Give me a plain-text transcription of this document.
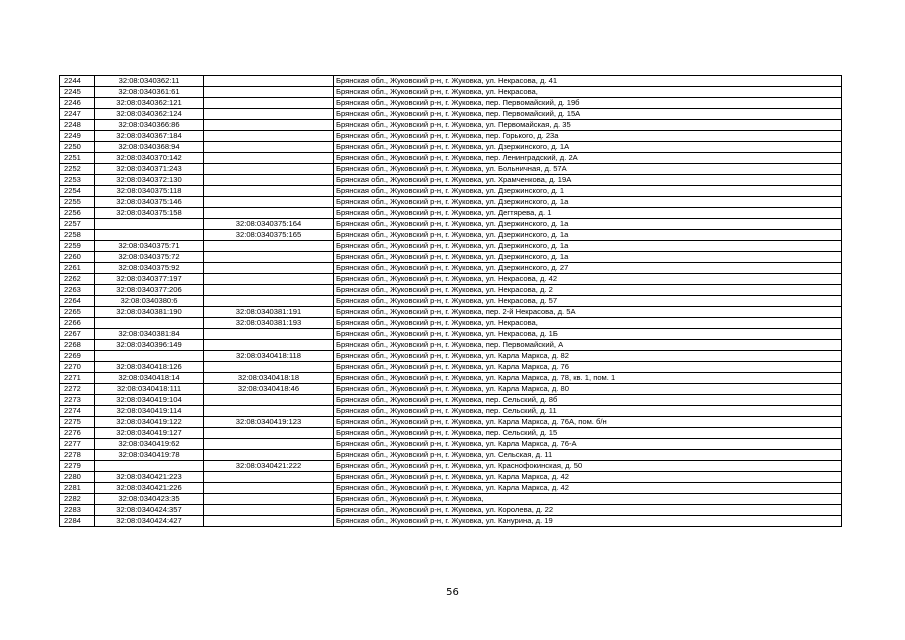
2244	32:08:0340362:11		Брянская обл., Жуковский р-н, г. Жуковка, ул. Некрасова, д. 41
2245	32:08:0340361:61		Брянская обл., Жуковский р-н, г. Жуковка, ул. Некрасова,
2246	32:08:0340362:121		Брянская обл., Жуковский р-н, г. Жуковка, пер. Первомайский, д. 19б
2247	32:08:0340362:124		Брянская обл., Жуковский р-н, г. Жуковка, пер. Первомайский, д. 15А
2248	32:08:0340366:86		Брянская обл., Жуковский р-н, г. Жуковка, ул. Первомайская, д. 35
2249	32:08:0340367:184		Брянская обл., Жуковский р-н, г. Жуковка, пер. Горького, д. 23а
2250	32:08:0340368:94		Брянская обл., Жуковский р-н, г. Жуковка, ул. Дзержинского, д. 1А
2251	32:08:0340370:142		Брянская обл., Жуковский р-н, г. Жуковка, пер. Ленинградский, д. 2А
2252	32:08:0340371:243		Брянская обл., Жуковский р-н, г. Жуковка, ул. Больничная, д. 57А
2253	32:08:0340372:130		Брянская обл., Жуковский р-н, г. Жуковка, ул. Храмченкова, д. 19А
2254	32:08:0340375:118		Брянская обл., Жуковский р-н, г. Жуковка, ул. Дзержинского, д. 1
2255	32:08:0340375:146		Брянская обл., Жуковский р-н, г. Жуковка, ул. Дзержинского, д. 1а
2256	32:08:0340375:158		Брянская обл., Жуковский р-н, г. Жуковка, ул. Дегтярева, д. 1
2257		32:08:0340375:164	Брянская обл., Жуковский р-н, г. Жуковка, ул. Дзержинского, д. 1а
2258		32:08:0340375:165	Брянская обл., Жуковский р-н, г. Жуковка, ул. Дзержинского, д. 1а
2259	32:08:0340375:71		Брянская обл., Жуковский р-н, г. Жуковка, ул. Дзержинского, д. 1а
2260	32:08:0340375:72		Брянская обл., Жуковский р-н, г. Жуковка, ул. Дзержинского, д. 1а
2261	32:08:0340375:92		Брянская обл., Жуковский р-н, г. Жуковка, ул. Дзержинского, д. 27
2262	32:08:0340377:197		Брянская обл., Жуковский р-н, г. Жуковка, ул. Некрасова, д. 42
2263	32:08:0340377:206		Брянская обл., Жуковский р-н, г. Жуковка, ул. Некрасова, д. 2
2264	32:08:0340380:6		Брянская обл., Жуковский р-н, г. Жуковка, ул. Некрасова, д. 57
2265	32:08:0340381:190	32:08:0340381:191	Брянская обл., Жуковский р-н, г. Жуковка, пер. 2-й Некрасова, д. 5А
2266		32:08:0340381:193	Брянская обл., Жуковский р-н, г. Жуковка, ул. Некрасова,
2267	32:08:0340381:84		Брянская обл., Жуковский р-н, г. Жуковка, ул. Некрасова, д. 1Б
2268	32:08:0340396:149		Брянская обл., Жуковский р-н, г. Жуковка, пер. Первомайский, А
2269		32:08:0340418:118	Брянская обл., Жуковский р-н, г. Жуковка, ул. Карла Маркса, д. 82
2270	32:08:0340418:126		Брянская обл., Жуковский р-н, г. Жуковка, ул. Карла Маркса, д. 76
2271	32:08:0340418:14	32:08:0340418:18	Брянская обл., Жуковский р-н, г. Жуковка, ул. Карла Маркса, д. 78, кв. 1, пом. 1
2272	32:08:0340418:111	32:08:0340418:46	Брянская обл., Жуковский р-н, г. Жуковка, ул. Карла Маркса, д. 80
2273	32:08:0340419:104		Брянская обл., Жуковский р-н, г. Жуковка, пер. Сельский, д. 8б
2274	32:08:0340419:114		Брянская обл., Жуковский р-н, г. Жуковка, пер. Сельский, д. 11
2275	32:08:0340419:122	32:08:0340419:123	Брянская обл., Жуковский р-н, г. Жуковка, ул. Карла Маркса, д. 76А, пом. б/н
2276	32:08:0340419:127		Брянская обл., Жуковский р-н, г. Жуковка, пер. Сельский, д. 15
2277	32:08:0340419:62		Брянская обл., Жуковский р-н, г. Жуковка, ул. Карла Маркса, д. 76-А
2278	32:08:0340419:78		Брянская обл., Жуковский р-н, г. Жуковка, ул. Сельская, д. 11
2279		32:08:0340421:222	Брянская обл., Жуковский р-н, г. Жуковка, ул. Краснофокинская, д. 50
2280	32:08:0340421:223		Брянская обл., Жуковский р-н, г. Жуковка, ул. Карла Маркса, д. 42
2281	32:08:0340421:226		Брянская обл., Жуковский р-н, г. Жуковка, ул. Карла Маркса, д. 42
2282	32:08:0340423:35		Брянская обл., Жуковский р-н, г. Жуковка,
2283	32:08:0340424:357		Брянская обл., Жуковский р-н, г. Жуковка, ул. Королева, д. 22
2284	32:08:0340424:427		Брянская обл., Жуковский р-н, г. Жуковка, ул. Канурина, д. 19
56
